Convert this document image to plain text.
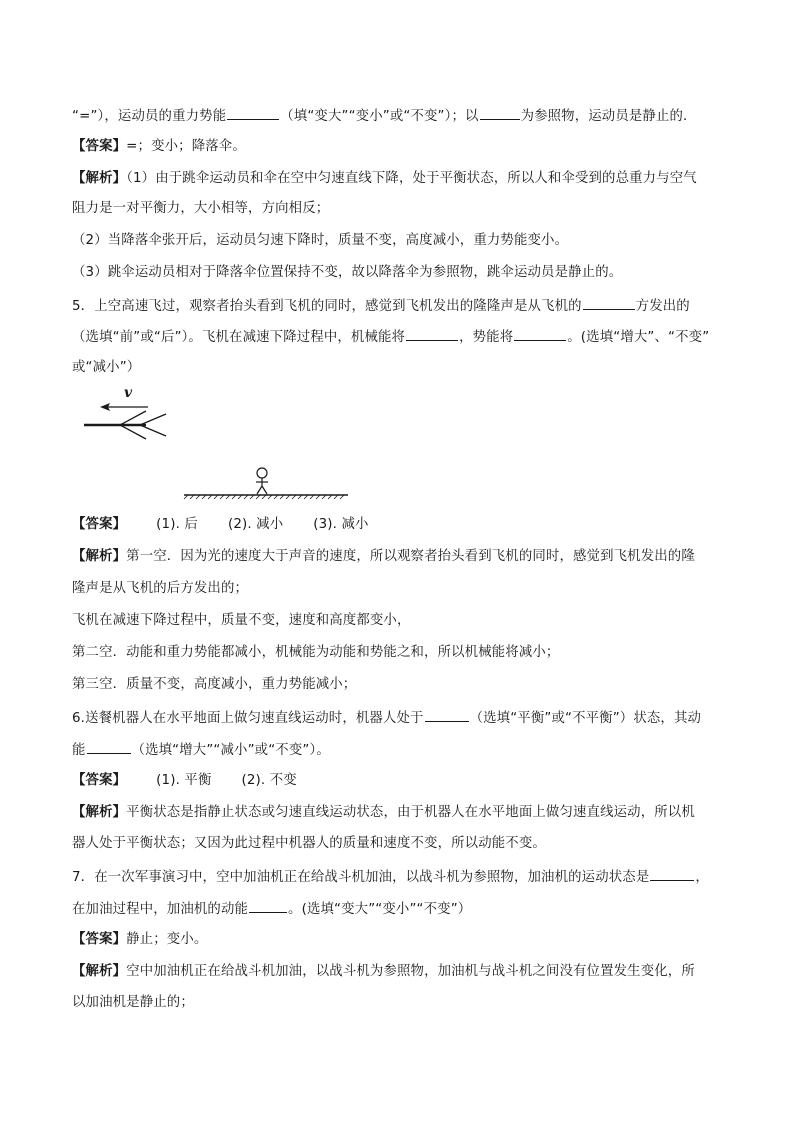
“=”），运动员的重力势能	（填“变大”“变小”或“不变”）；以	为参照物，运动员是静止的．
【答案】=；变小；降落伞。
【解析】（1）由于跳伞运动员和伞在空中匀速直线下降，处于平衡状态，所以人和伞受到的总重力与空气
阻力是一对平衡力，大小相等，方向相反；
（2）当降落伞张开后，运动员匀速下降时，质量不变，高度减小，重力势能变小。
（3）跳伞运动员相对于降落伞位置保持不变，故以降落伞为参照物，跳伞运动员是静止的。
5．上空高速飞过，观察者抬头看到飞机的同时，感觉到飞机发出的隆隆声是从飞机的	方发出的
（选填“前”或“后”）。飞机在减速下降过程中，机械能将	，势能将	。(选填“增大”、“不变”
或“减小”）
v
【答案】 (1). 后 (2). 减小 (3). 减小
【解析】第一空．因为光的速度大于声音的速度，所以观察者抬头看到飞机的同时，感觉到飞机发出的隆
隆声是从飞机的后方发出的；
飞机在减速下降过程中，质量不变，速度和高度都变小，
第二空．动能和重力势能都减小，机械能为动能和势能之和，所以机械能将减小；
第三空．质量不变，高度减小，重力势能减小；
6.送餐机器人在水平地面上做匀速直线运动时，机器人处于	（选填“平衡”或“不平衡”）状态，其动
能	（选填“增大”“减小”或“不变”）。
【答案】 (1). 平衡 (2). 不变
【解析】平衡状态是指静止状态或匀速直线运动状态，由于机器人在水平地面上做匀速直线运动，所以机
器人处于平衡状态；又因为此过程中机器人的质量和速度不变，所以动能不变。
7．在一次军事演习中，空中加油机正在给战斗机加油，以战斗机为参照物，加油机的运动状态是	，
在加油过程中，加油机的动能	。(选填“变大”“变小”“不变”）
【答案】静止；变小。
【解析】空中加油机正在给战斗机加油，以战斗机为参照物，加油机与战斗机之间没有位置发生变化，所
以加油机是静止的；
